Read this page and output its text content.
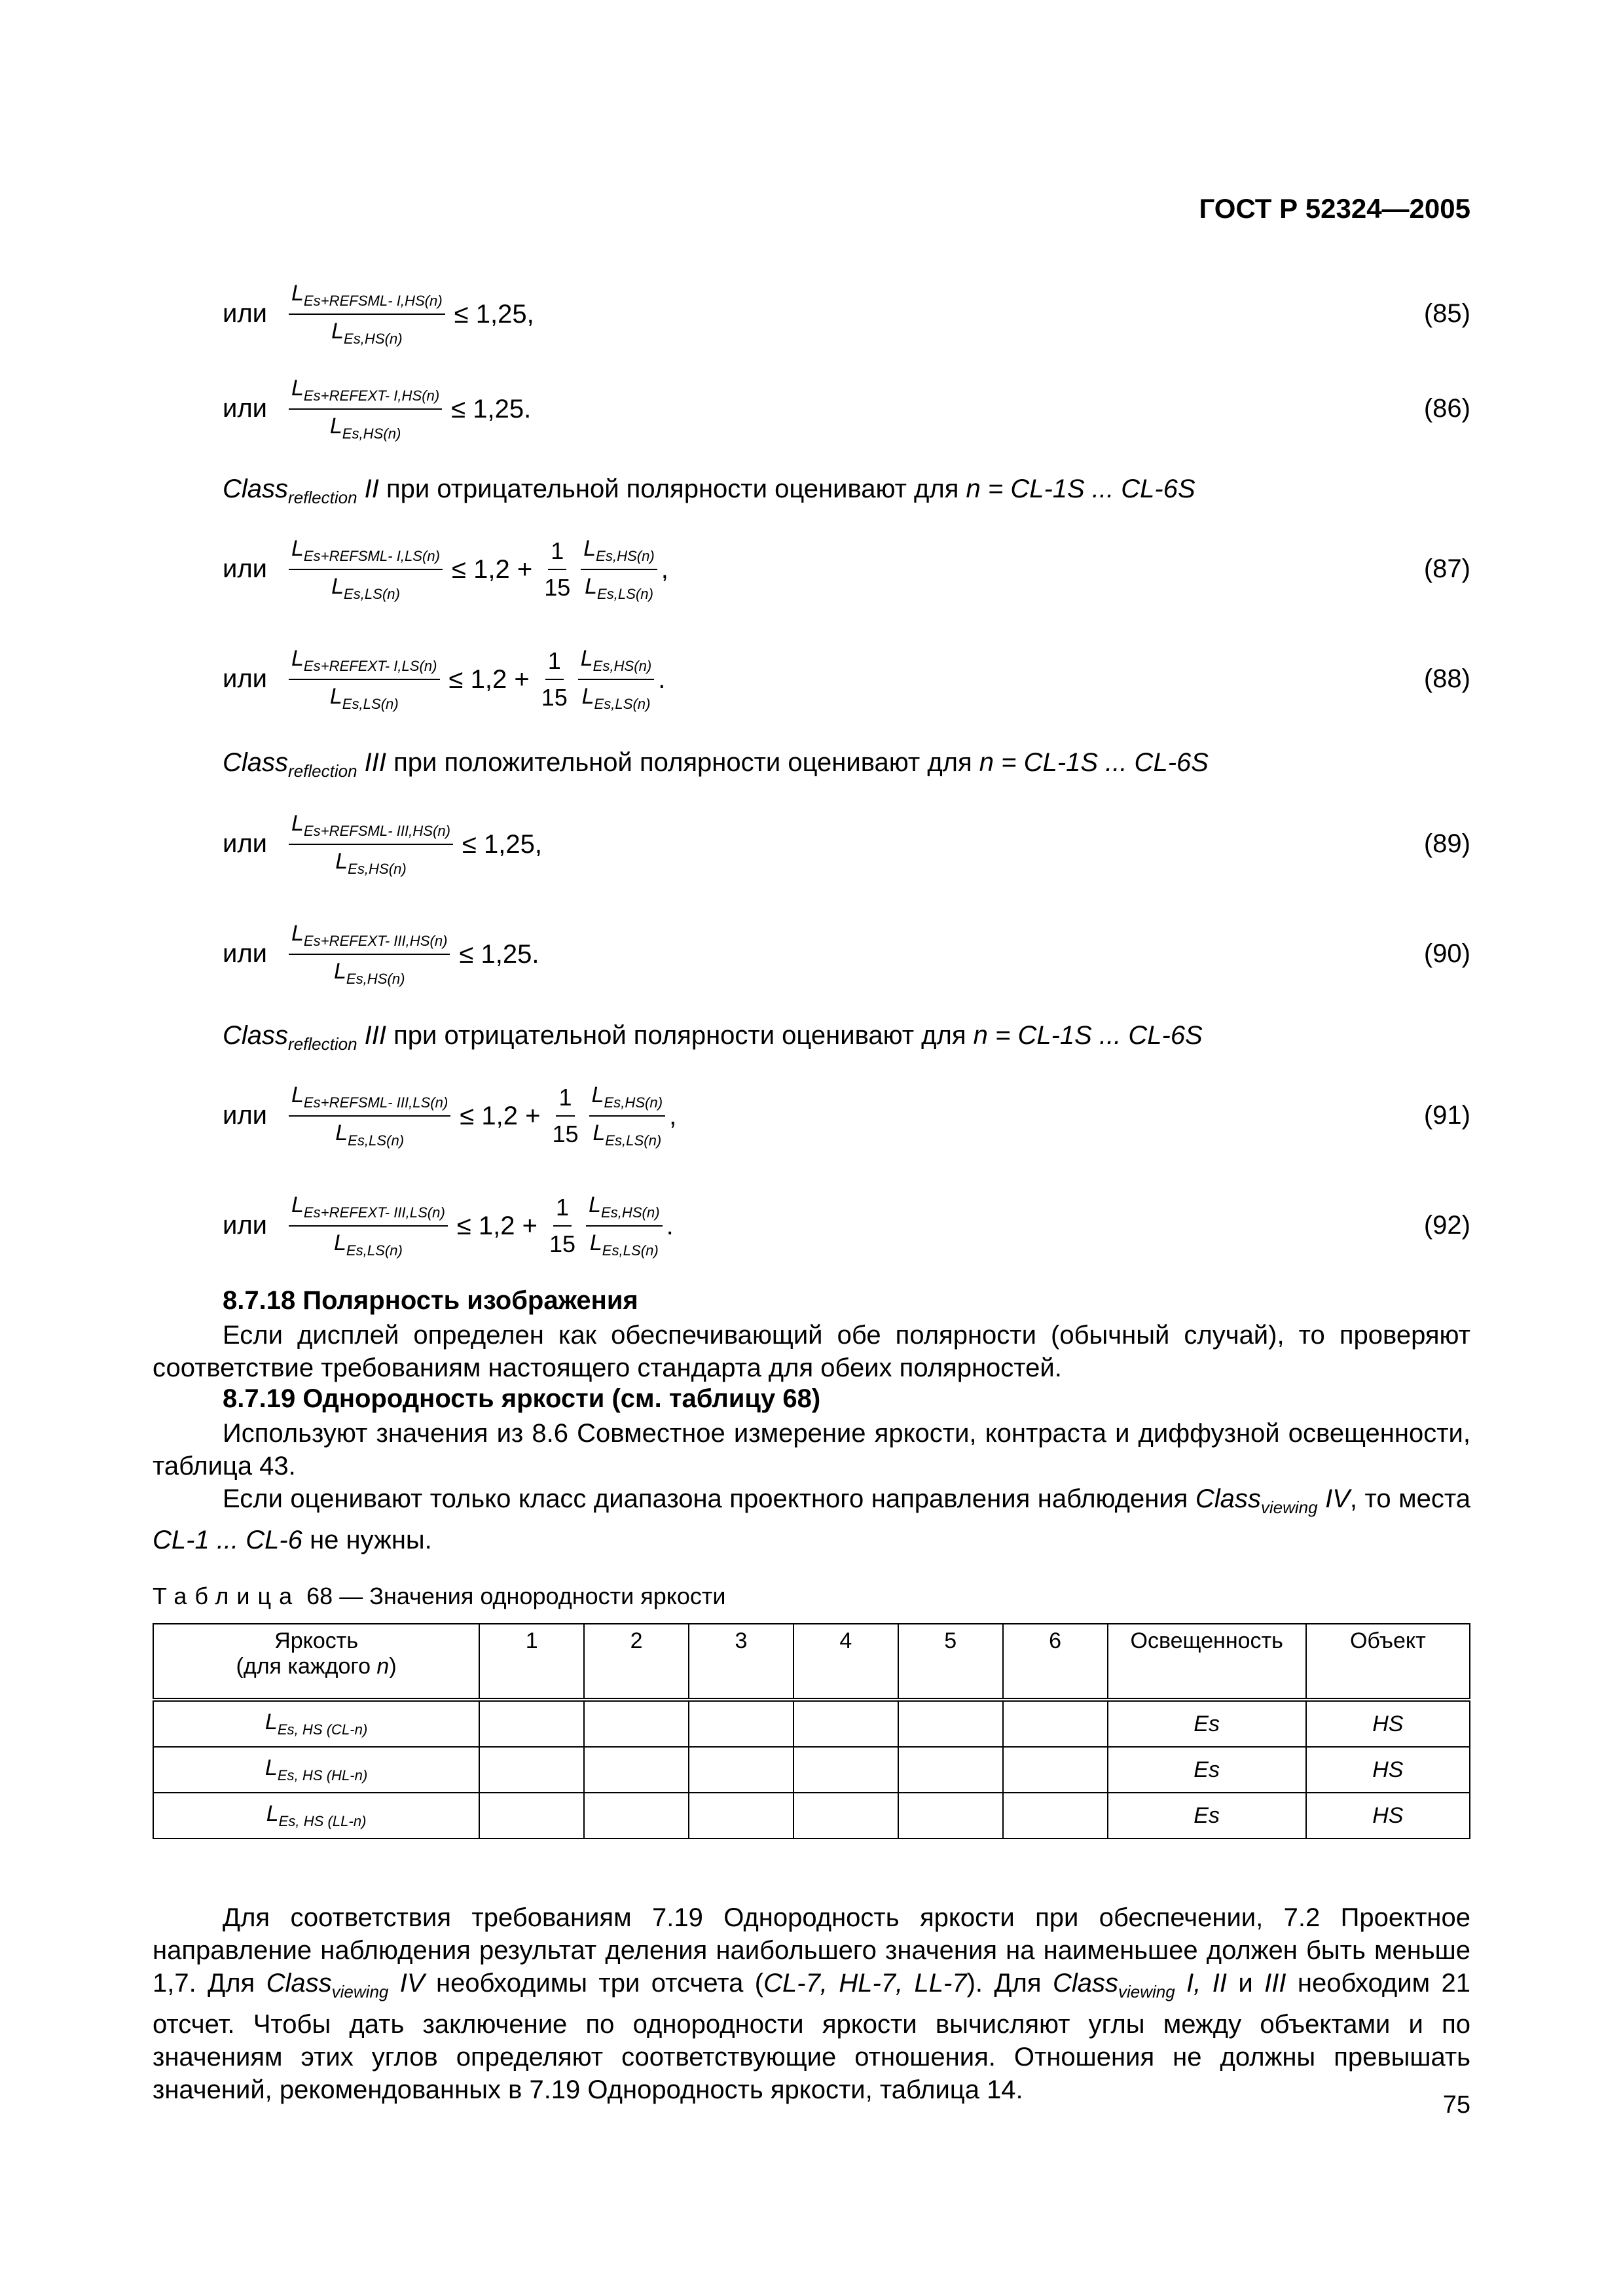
ГОСТ Р 52324—2005
или $\frac{L_{Es+REFSML- I,HS(n)}}{L_{Es,HS(n)}} \le 1,25$,	(85)
или $\frac{L_{Es+REFEXT- I,HS(n)}}{L_{Es,HS(n)}} \le 1,25$.	(86)
или $\frac{L_{Es+REFSML- I,LS(n)}}{L_{Es,LS(n)}} \le 1,2 + \frac{1}{15} \frac{L_{Es,HS(n)}}{L_{Es,LS(n)}}$ ,	(87)
или $\frac{L_{Es+REFEXT- I,LS(n)}}{L_{Es,LS(n)}} \le 1,2 + \frac{1}{15} \frac{L_{Es,HS(n)}}{L_{Es,LS(n)}}$ .	(88)
или $\frac{L_{Es+REFSML- III,HS(n)}}{L_{Es,HS(n)}} \le 1,25$,	(89)
или $\frac{L_{Es+REFEXT- III,HS(n)}}{L_{Es,HS(n)}} \le 1,25$.	(90)
или $\frac{L_{Es+REFSML- III,LS(n)}}{L_{Es,LS(n)}} \le 1,2 + \frac{1}{15} \frac{L_{Es,HS(n)}}{L_{Es,LS(n)}}$ ,	(91)
или $\frac{L_{Es+REFEXT- III,LS(n)}}{L_{Es,LS(n)}} \le 1,2 + \frac{1}{15} \frac{L_{Es,HS(n)}}{L_{Es,LS(n)}}$ .	(92)
Class$_{reflection}$ II при отрицательной полярности оценивают для n = CL-1S ... CL-6S
Class$_{reflection}$ III при положительной полярности оценивают для n = CL-1S ... CL-6S
Class$_{reflection}$ III при отрицательной полярности оценивают для n = CL-1S ... CL-6S
8.7.18 Полярность изображения

Если дисплей определен как обеспечивающий обе полярности (обычный случай), то проверяют соответствие требованиям настоящего стандарта для обеих полярностей.

8.7.19 Однородность яркости (см. таблицу 68)

Используют значения из 8.6 Совместное измерение яркости, контраста и диффузной освещенности, таблица 43.

Если оценивают только класс диапазона проектного направления наблюдения Class$_{viewing}$ IV, то места CL-1 ... CL-6 не нужны.

Таблица 68 — Значения однородности яркости
Яркость
(для каждого n)	1	2	3	4	5	6	Освещенность	Объект
$L_{Es, HS (CL-n)}$							Es	HS
$L_{Es, HS (HL-n)}$							Es	HS
$L_{Es, HS (LL-n)}$							Es	HS

Для соответствия требованиям 7.19 Однородность яркости при обеспечении, 7.2 Проектное направление наблюдения результат деления наибольшего значения на наименьшее должен быть меньше 1,7. Для Class$_{viewing}$ IV необходимы три отсчета (CL-7, HL-7, LL-7). Для Class$_{viewing}$ I, II и III необходим 21 отсчет. Чтобы дать заключение по однородности яркости вычисляют углы между объектами и по значениям этих углов определяют соответствующие отношения. Отношения не должны превышать значений, рекомендованных в 7.19 Однородность яркости, таблица 14.

75
